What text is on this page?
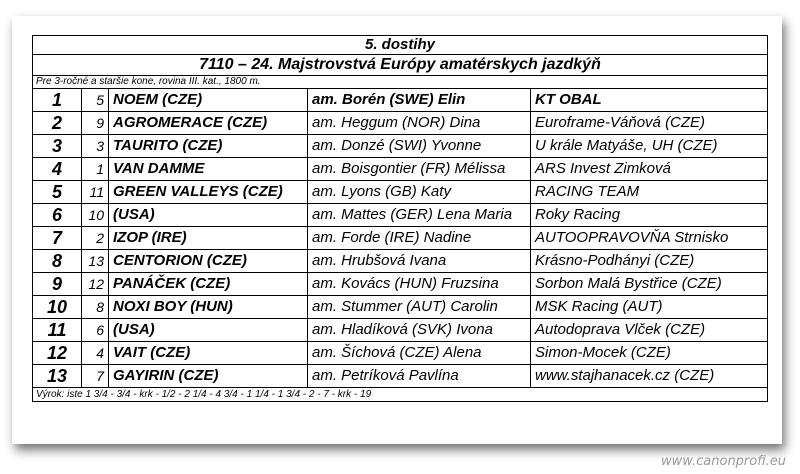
5. dostihy				
7110 – 24. Majstrovstvá Európy amatérskych jazdkýň				
Pre 3-ročné a staršie kone, rovina III. kat., 1800 m.				
1	5	NOEM (CZE)	am. Borén (SWE) Elin	KT OBAL
2	9	AGROMERACE (CZE)	am. Heggum (NOR) Dina	Euroframe-Váňová (CZE)
3	3	TAURITO (CZE)	am. Donzé (SWI) Yvonne	U krále Matyáše, UH (CZE)
4	1	VAN DAMME	am. Boisgontier (FR) Mélissa	ARS Invest Zimková
5	11	GREEN VALLEYS (CZE)	am. Lyons (GB) Katy	RACING TEAM
6	10	(USA)	am. Mattes (GER) Lena Maria	Roky Racing
7	2	IZOP (IRE)	am. Forde (IRE) Nadine	AUTOOPRAVOVŇA Strnisko
8	13	CENTORION (CZE)	am. Hrubšová Ivana	Krásno-Podhányi (CZE)
9	12	PANÁČEK (CZE)	am. Kovács (HUN) Fruzsina	Sorbon Malá Bystřice (CZE)
10	8	NOXI BOY (HUN)	am. Stummer (AUT) Carolin	MSK Racing (AUT)
11	6	(USA)	am. Hladíková (SVK) Ivona	Autodoprava Vlček (CZE)
12	4	VAIT (CZE)	am. Šíchová (CZE) Alena	Simon-Mocek (CZE)
13	7	GAYIRIN (CZE)	am. Petríková Pavlína	www.stajhanacek.cz (CZE)
Výrok: iste 1 3/4 - 3/4 - krk - 1/2 - 2 1/4 - 4 3/4 - 1 1/4 - 1 3/4 - 2 - 7 - krk - 19				
www.canonprofi.eu
